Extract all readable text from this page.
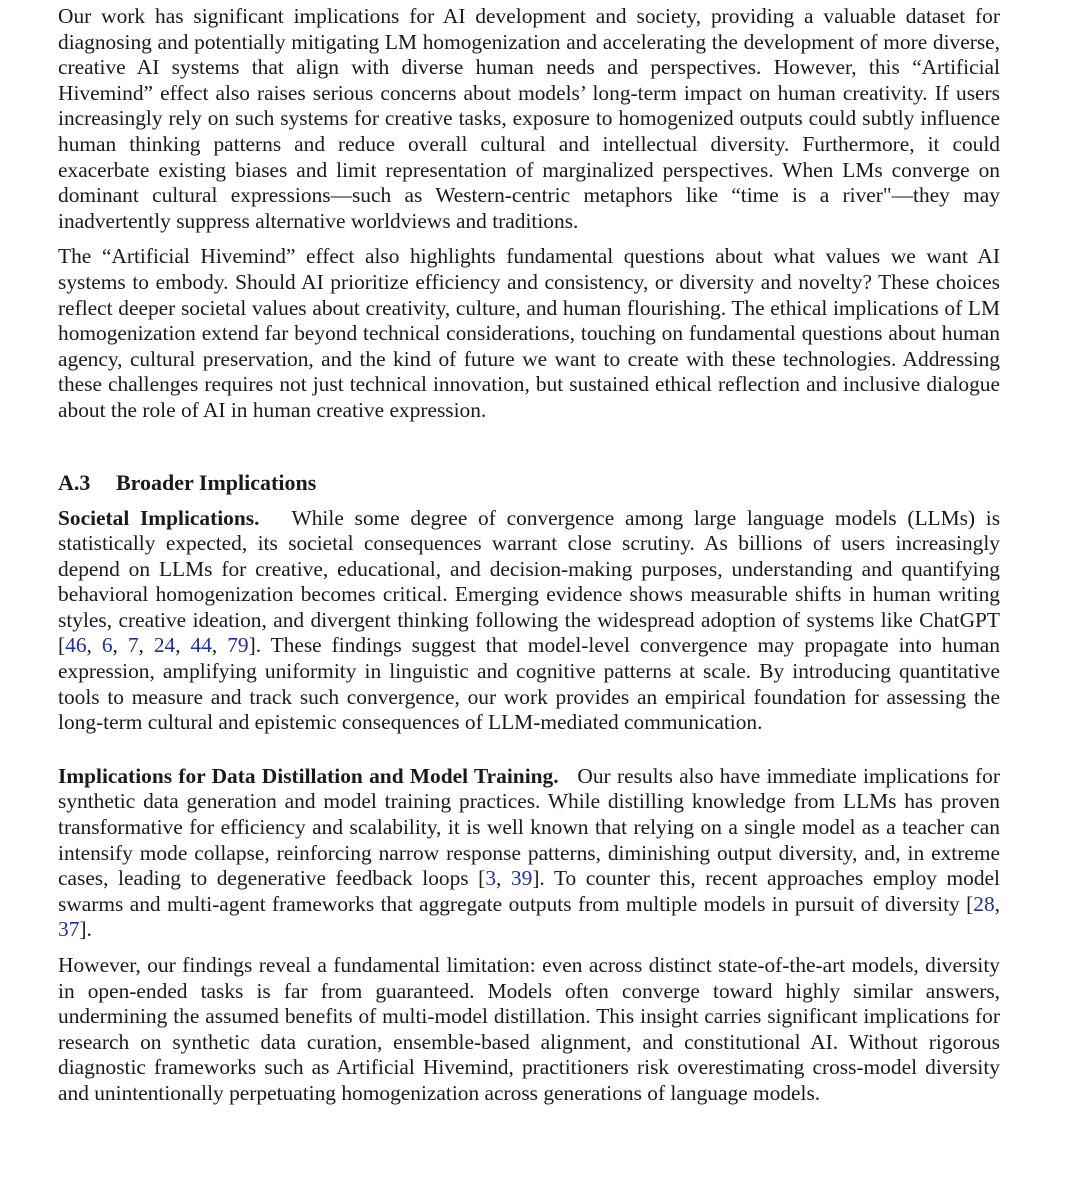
Our work has significant implications for AI development and society, providing a valuable dataset for diagnosing and potentially mitigating LM homogenization and accelerating the development of more diverse, creative AI systems that align with diverse human needs and perspectives. However, this “Artificial Hivemind” effect also raises serious concerns about models’ long-term impact on human creativity. If users increasingly rely on such systems for creative tasks, exposure to homogenized outputs could subtly influence human thinking patterns and reduce overall cultural and intellectual diversity. Furthermore, it could exacerbate existing biases and limit representation of marginalized perspectives. When LMs converge on dominant cultural expressions—such as Western-centric metaphors like “time is a river"—they may inadvertently suppress alternative worldviews and traditions.

The “Artificial Hivemind” effect also highlights fundamental questions about what values we want AI systems to embody. Should AI prioritize efficiency and consistency, or diversity and novelty? These choices reflect deeper societal values about creativity, culture, and human flourishing. The ethical implications of LM homogenization extend far beyond technical considerations, touching on fundamental questions about human agency, cultural preservation, and the kind of future we want to create with these technologies. Addressing these challenges requires not just technical innovation, but sustained ethical reflection and inclusive dialogue about the role of AI in human creative expression.

A.3 Broader Implications

Societal Implications. While some degree of convergence among large language models (LLMs) is statistically expected, its societal consequences warrant close scrutiny. As billions of users increasingly depend on LLMs for creative, educational, and decision-making purposes, understanding and quantifying behavioral homogenization becomes critical. Emerging evidence shows measurable shifts in human writing styles, creative ideation, and divergent thinking following the widespread adoption of systems like ChatGPT [46, 6, 7, 24, 44, 79]. These findings suggest that model-level convergence may propagate into human expression, amplifying uniformity in linguistic and cognitive patterns at scale. By introducing quantitative tools to measure and track such convergence, our work provides an empirical foundation for assessing the long-term cultural and epistemic consequences of LLM-mediated communication.

Implications for Data Distillation and Model Training. Our results also have immediate implications for synthetic data generation and model training practices. While distilling knowledge from LLMs has proven transformative for efficiency and scalability, it is well known that relying on a single model as a teacher can intensify mode collapse, reinforcing narrow response patterns, diminishing output diversity, and, in extreme cases, leading to degenerative feedback loops [3, 39]. To counter this, recent approaches employ model swarms and multi-agent frameworks that aggregate outputs from multiple models in pursuit of diversity [28, 37].

However, our findings reveal a fundamental limitation: even across distinct state-of-the-art models, diversity in open-ended tasks is far from guaranteed. Models often converge toward highly similar answers, undermining the assumed benefits of multi-model distillation. This insight carries significant implications for research on synthetic data curation, ensemble-based alignment, and constitutional AI. Without rigorous diagnostic frameworks such as Artificial Hivemind, practitioners risk overestimating cross-model diversity and unintentionally perpetuating homogenization across generations of language models.
